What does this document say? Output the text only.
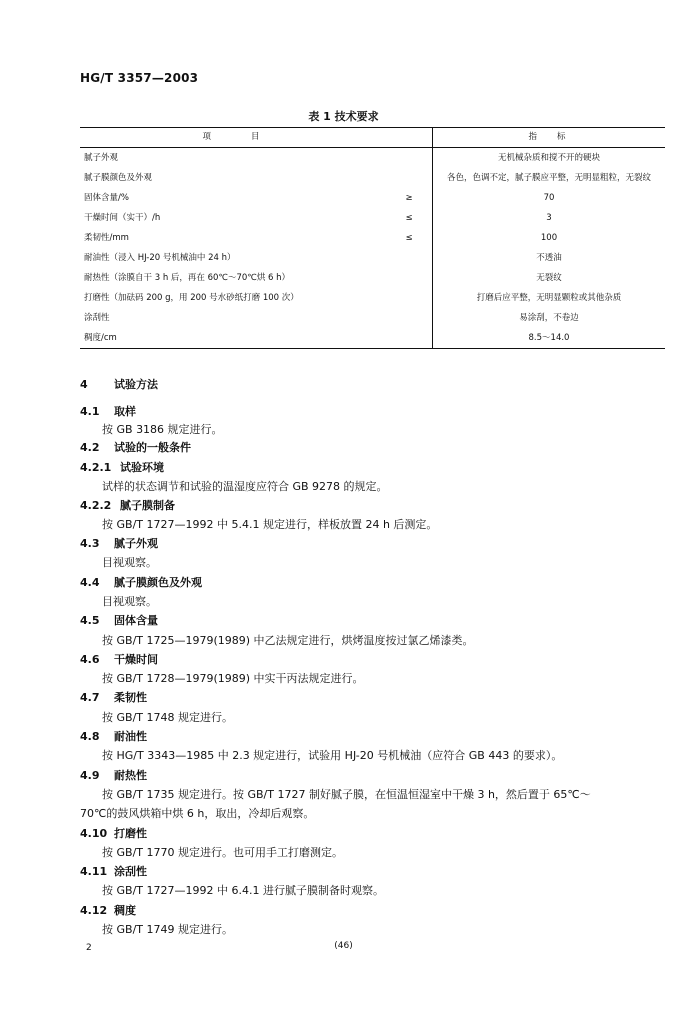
HG/T 3357—2003
表 1 技术要求
项目		指标
腻子外观		无机械杂质和搅不开的硬块
腻子膜颜色及外观		各色，色调不定，腻子膜应平整，无明显粗粒，无裂纹
固体含量/%	≥	70
干燥时间（实干）/h	≤	3
柔韧性/mm	≤	100
耐油性（浸入 HJ-20 号机械油中 24 h）		不透油
耐热性（涂膜自干 3 h 后，再在 60℃～70℃烘 6 h）		无裂纹
打磨性（加砝码 200 g，用 200 号水砂纸打磨 100 次）		打磨后应平整，无明显颗粒或其他杂质
涂刮性		易涂刮，不卷边
稠度/cm		8.5～14.0
4 试验方法
4.1 取样
按 GB 3186 规定进行。
4.2 试验的一般条件
4.2.1 试验环境
试样的状态调节和试验的温湿度应符合 GB 9278 的规定。
4.2.2 腻子膜制备
按 GB/T 1727—1992 中 5.4.1 规定进行，样板放置 24 h 后测定。
4.3 腻子外观
目视观察。
4.4 腻子膜颜色及外观
目视观察。
4.5 固体含量
按 GB/T 1725—1979(1989) 中乙法规定进行，烘烤温度按过氯乙烯漆类。
4.6 干燥时间
按 GB/T 1728—1979(1989) 中实干丙法规定进行。
4.7 柔韧性
按 GB/T 1748 规定进行。
4.8 耐油性
按 HG/T 3343—1985 中 2.3 规定进行，试验用 HJ-20 号机械油（应符合 GB 443 的要求）。
4.9 耐热性
按 GB/T 1735 规定进行。按 GB/T 1727 制好腻子膜，在恒温恒湿室中干燥 3 h，然后置于 65℃～
70℃的鼓风烘箱中烘 6 h，取出，冷却后观察。
4.10 打磨性
按 GB/T 1770 规定进行。也可用手工打磨测定。
4.11 涂刮性
按 GB/T 1727—1992 中 6.4.1 进行腻子膜制备时观察。
4.12 稠度
按 GB/T 1749 规定进行。
2	(46)
